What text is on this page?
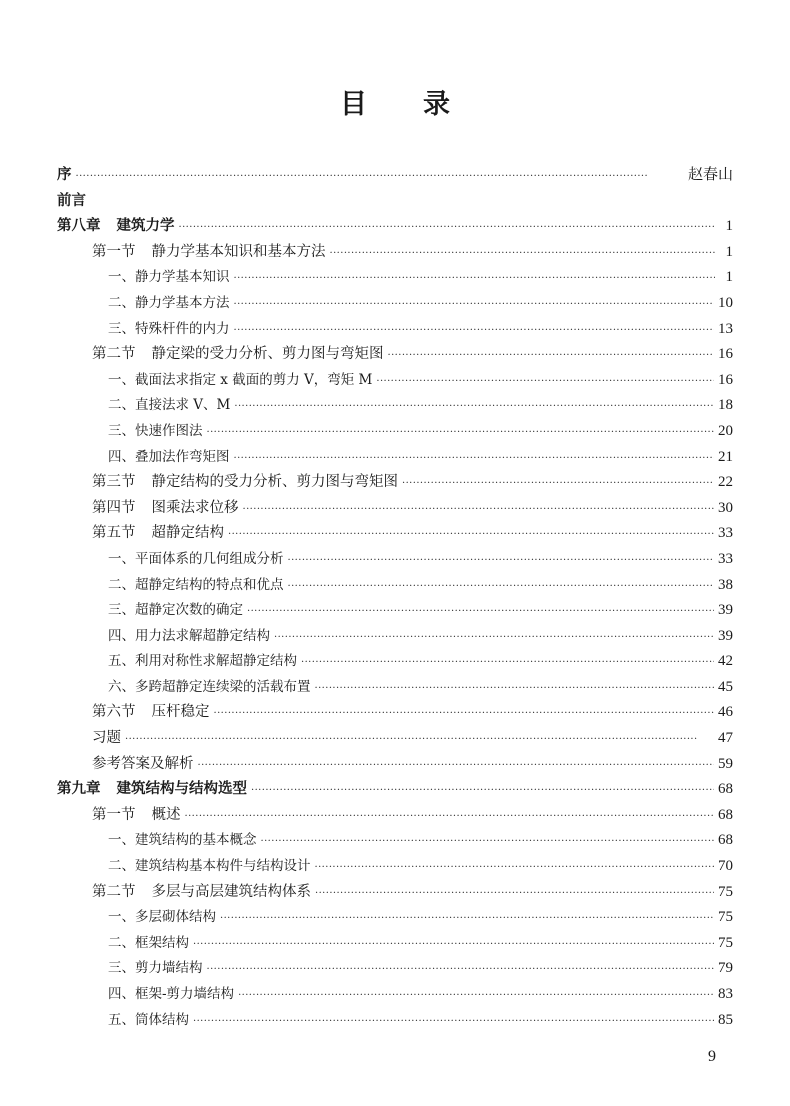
目 录
序 ·····	赵春山
前言
第八章 建筑力学 ·····	1
第一节 静力学基本知识和基本方法 ·····	1
一、静力学基本知识 ·····	1
二、静力学基本方法 ·····	10
三、特殊杆件的内力 ·····	13
第二节 静定梁的受力分析、剪力图与弯矩图 ·····	16
一、截面法求指定 x 截面的剪力 V，弯矩 M ·····	16
二、直接法求 V、M ·····	18
三、快速作图法 ·····	20
四、叠加法作弯矩图 ·····	21
第三节 静定结构的受力分析、剪力图与弯矩图 ·····	22
第四节 图乘法求位移 ·····	30
第五节 超静定结构 ·····	33
一、平面体系的几何组成分析 ·····	33
二、超静定结构的特点和优点 ·····	38
三、超静定次数的确定 ·····	39
四、用力法求解超静定结构 ·····	39
五、利用对称性求解超静定结构 ·····	42
六、多跨超静定连续梁的活载布置 ·····	45
第六节 压杆稳定 ·····	46
习题 ·····	47
参考答案及解析 ·····	59
第九章 建筑结构与结构选型 ·····	68
第一节 概述 ·····	68
一、建筑结构的基本概念 ·····	68
二、建筑结构基本构件与结构设计 ·····	70
第二节 多层与高层建筑结构体系 ·····	75
一、多层砌体结构 ·····	75
二、框架结构 ·····	75
三、剪力墙结构 ·····	79
四、框架-剪力墙结构 ·····	83
五、筒体结构 ·····	85
9
